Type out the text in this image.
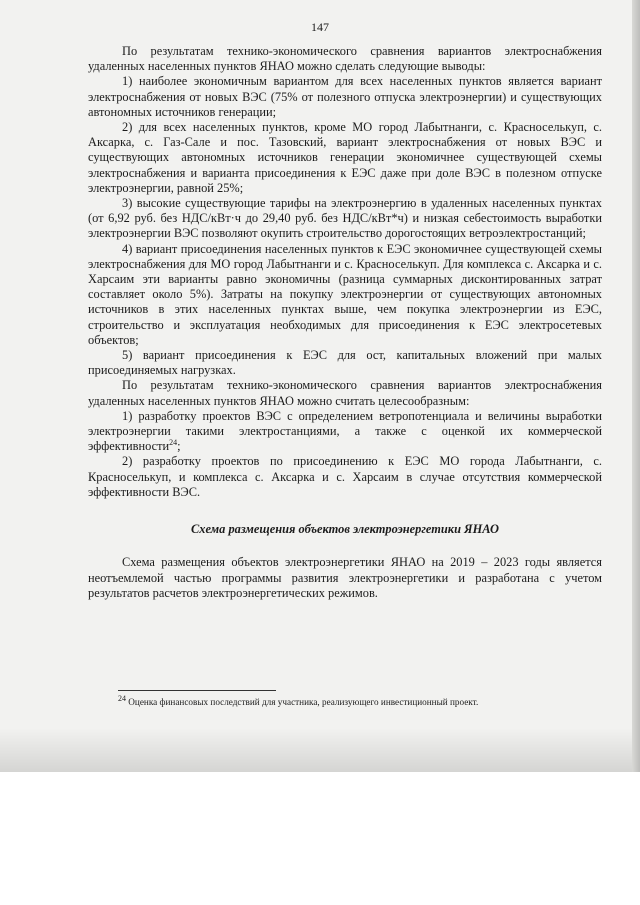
147

По результатам технико-экономического сравнения вариантов электроснабжения удаленных населенных пунктов ЯНАО можно сделать следующие выводы:

1) наиболее экономичным вариантом для всех населенных пунктов является вариант электроснабжения от новых ВЭС (75% от полезного отпуска электроэнергии) и существующих автономных источников генерации;

2) для всех населенных пунктов, кроме МО город Лабытнанги, с. Красноселькуп, с. Аксарка, с. Газ-Сале и пос. Тазовский, вариант электроснабжения от новых ВЭС и существующих автономных источников генерации экономичнее существующей схемы электроснабжения и варианта присоединения к ЕЭС даже при доле ВЭС в полезном отпуске электроэнергии, равной 25%;

3) высокие существующие тарифы на электроэнергию в удаленных населенных пунктах (от 6,92 руб. без НДС/кВт·ч до 29,40 руб. без НДС/кВт*ч) и низкая себестоимость выработки электроэнергии ВЭС позволяют окупить строительство дорогостоящих ветроэлектростанций;

4) вариант присоединения населенных пунктов к ЕЭС экономичнее существующей схемы электроснабжения для МО город Лабытнанги и с. Красноселькуп. Для комплекса с. Аксарка и с. Харсаим эти варианты равно экономичны (разница суммарных дисконтированных затрат составляет около 5%). Затраты на покупку электроэнергии от существующих автономных источников в этих населенных пунктах выше, чем покупка электроэнергии из ЕЭС, строительство и эксплуатация необходимых для присоединения к ЕЭС электросетевых объектов;

5) вариант присоединения к ЕЭС для ост, капитальных вложений при малых присоединяемых нагрузках.

По результатам технико-экономического сравнения вариантов электроснабжения удаленных населенных пунктов ЯНАО можно считать целесообразным:

1) разработку проектов ВЭС с определением ветропотенциала и величины выработки электроэнергии такими электростанциями, а также с оценкой их коммерческой эффективности$^{24}$;

2) разработку проектов по присоединению к ЕЭС МО города Лабытнанги, с. Красноселькуп, и комплекса с. Аксарка и с. Харсаим в случае отсутствия коммерческой эффективности ВЭС.

Схема размещения объектов электроэнергетики ЯНАО

Схема размещения объектов электроэнергетики ЯНАО на 2019 – 2023 годы является неотъемлемой частью программы развития электроэнергетики и разработана с учетом результатов расчетов электроэнергетических режимов.

$^{24}$ Оценка финансовых последствий для участника, реализующего инвестиционный проект.
